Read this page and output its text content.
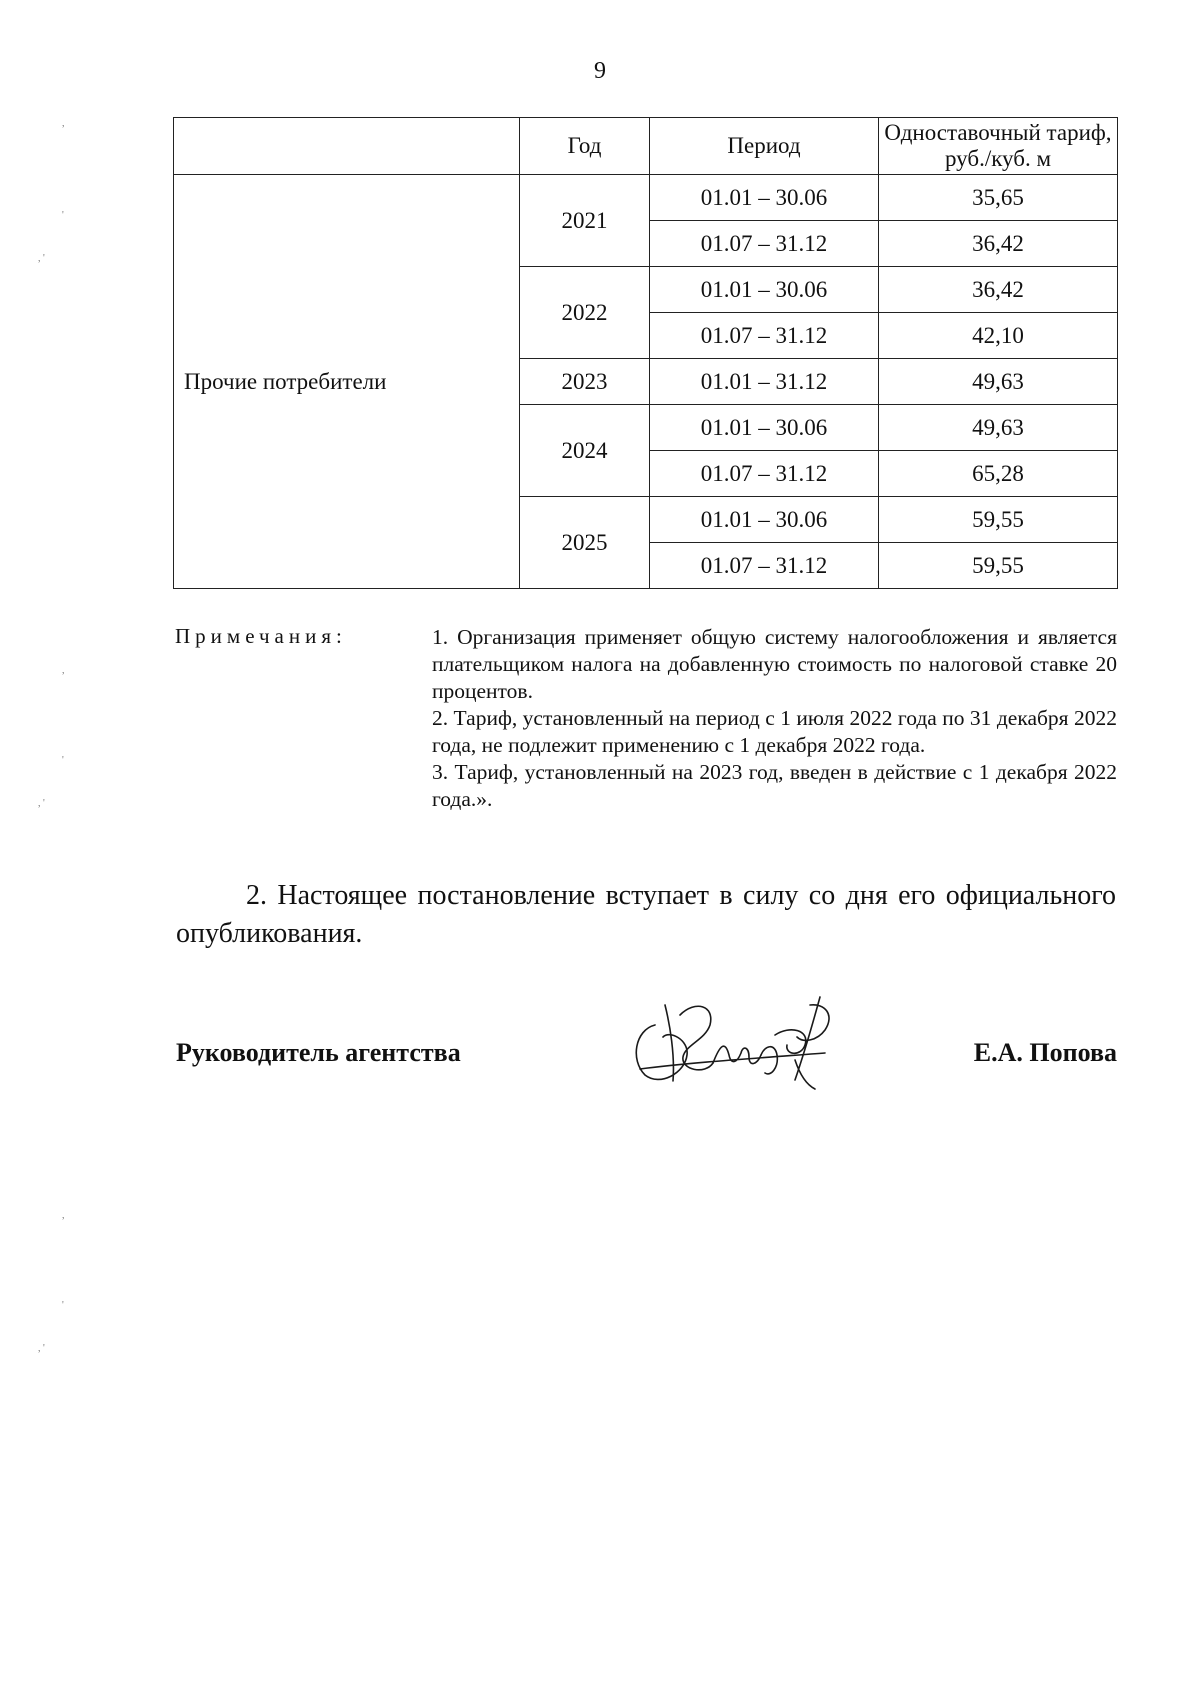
9
	Год	Период	Одноставочный тариф,
руб./куб. м
Прочие потребители	2021	01.01 – 30.06	35,65
		01.07 – 31.12	36,42
	2022	01.01 – 30.06	36,42
		01.07 – 31.12	42,10
	2023	01.01 – 31.12	49,63
	2024	01.01 – 30.06	49,63
		01.07 – 31.12	65,28
	2025	01.01 – 30.06	59,55
		01.07 – 31.12	59,55
Примечания:	1. Организация применяет общую систему налогообложения и является плательщиком налога на добавленную стоимость по налоговой ставке 20 процентов.

2. Тариф, установленный на период с 1 июля 2022 года по 31 декабря 2022 года, не подлежит применению с 1 декабря 2022 года.

3. Тариф, установленный на 2023 год, введен в действие с 1 декабря 2022 года.».

2. Настоящее постановление вступает в силу со дня его официального опубликования.

Руководитель агентства	Е.А. Попова
,
'
, '
,
'
, '
,
'
, '
